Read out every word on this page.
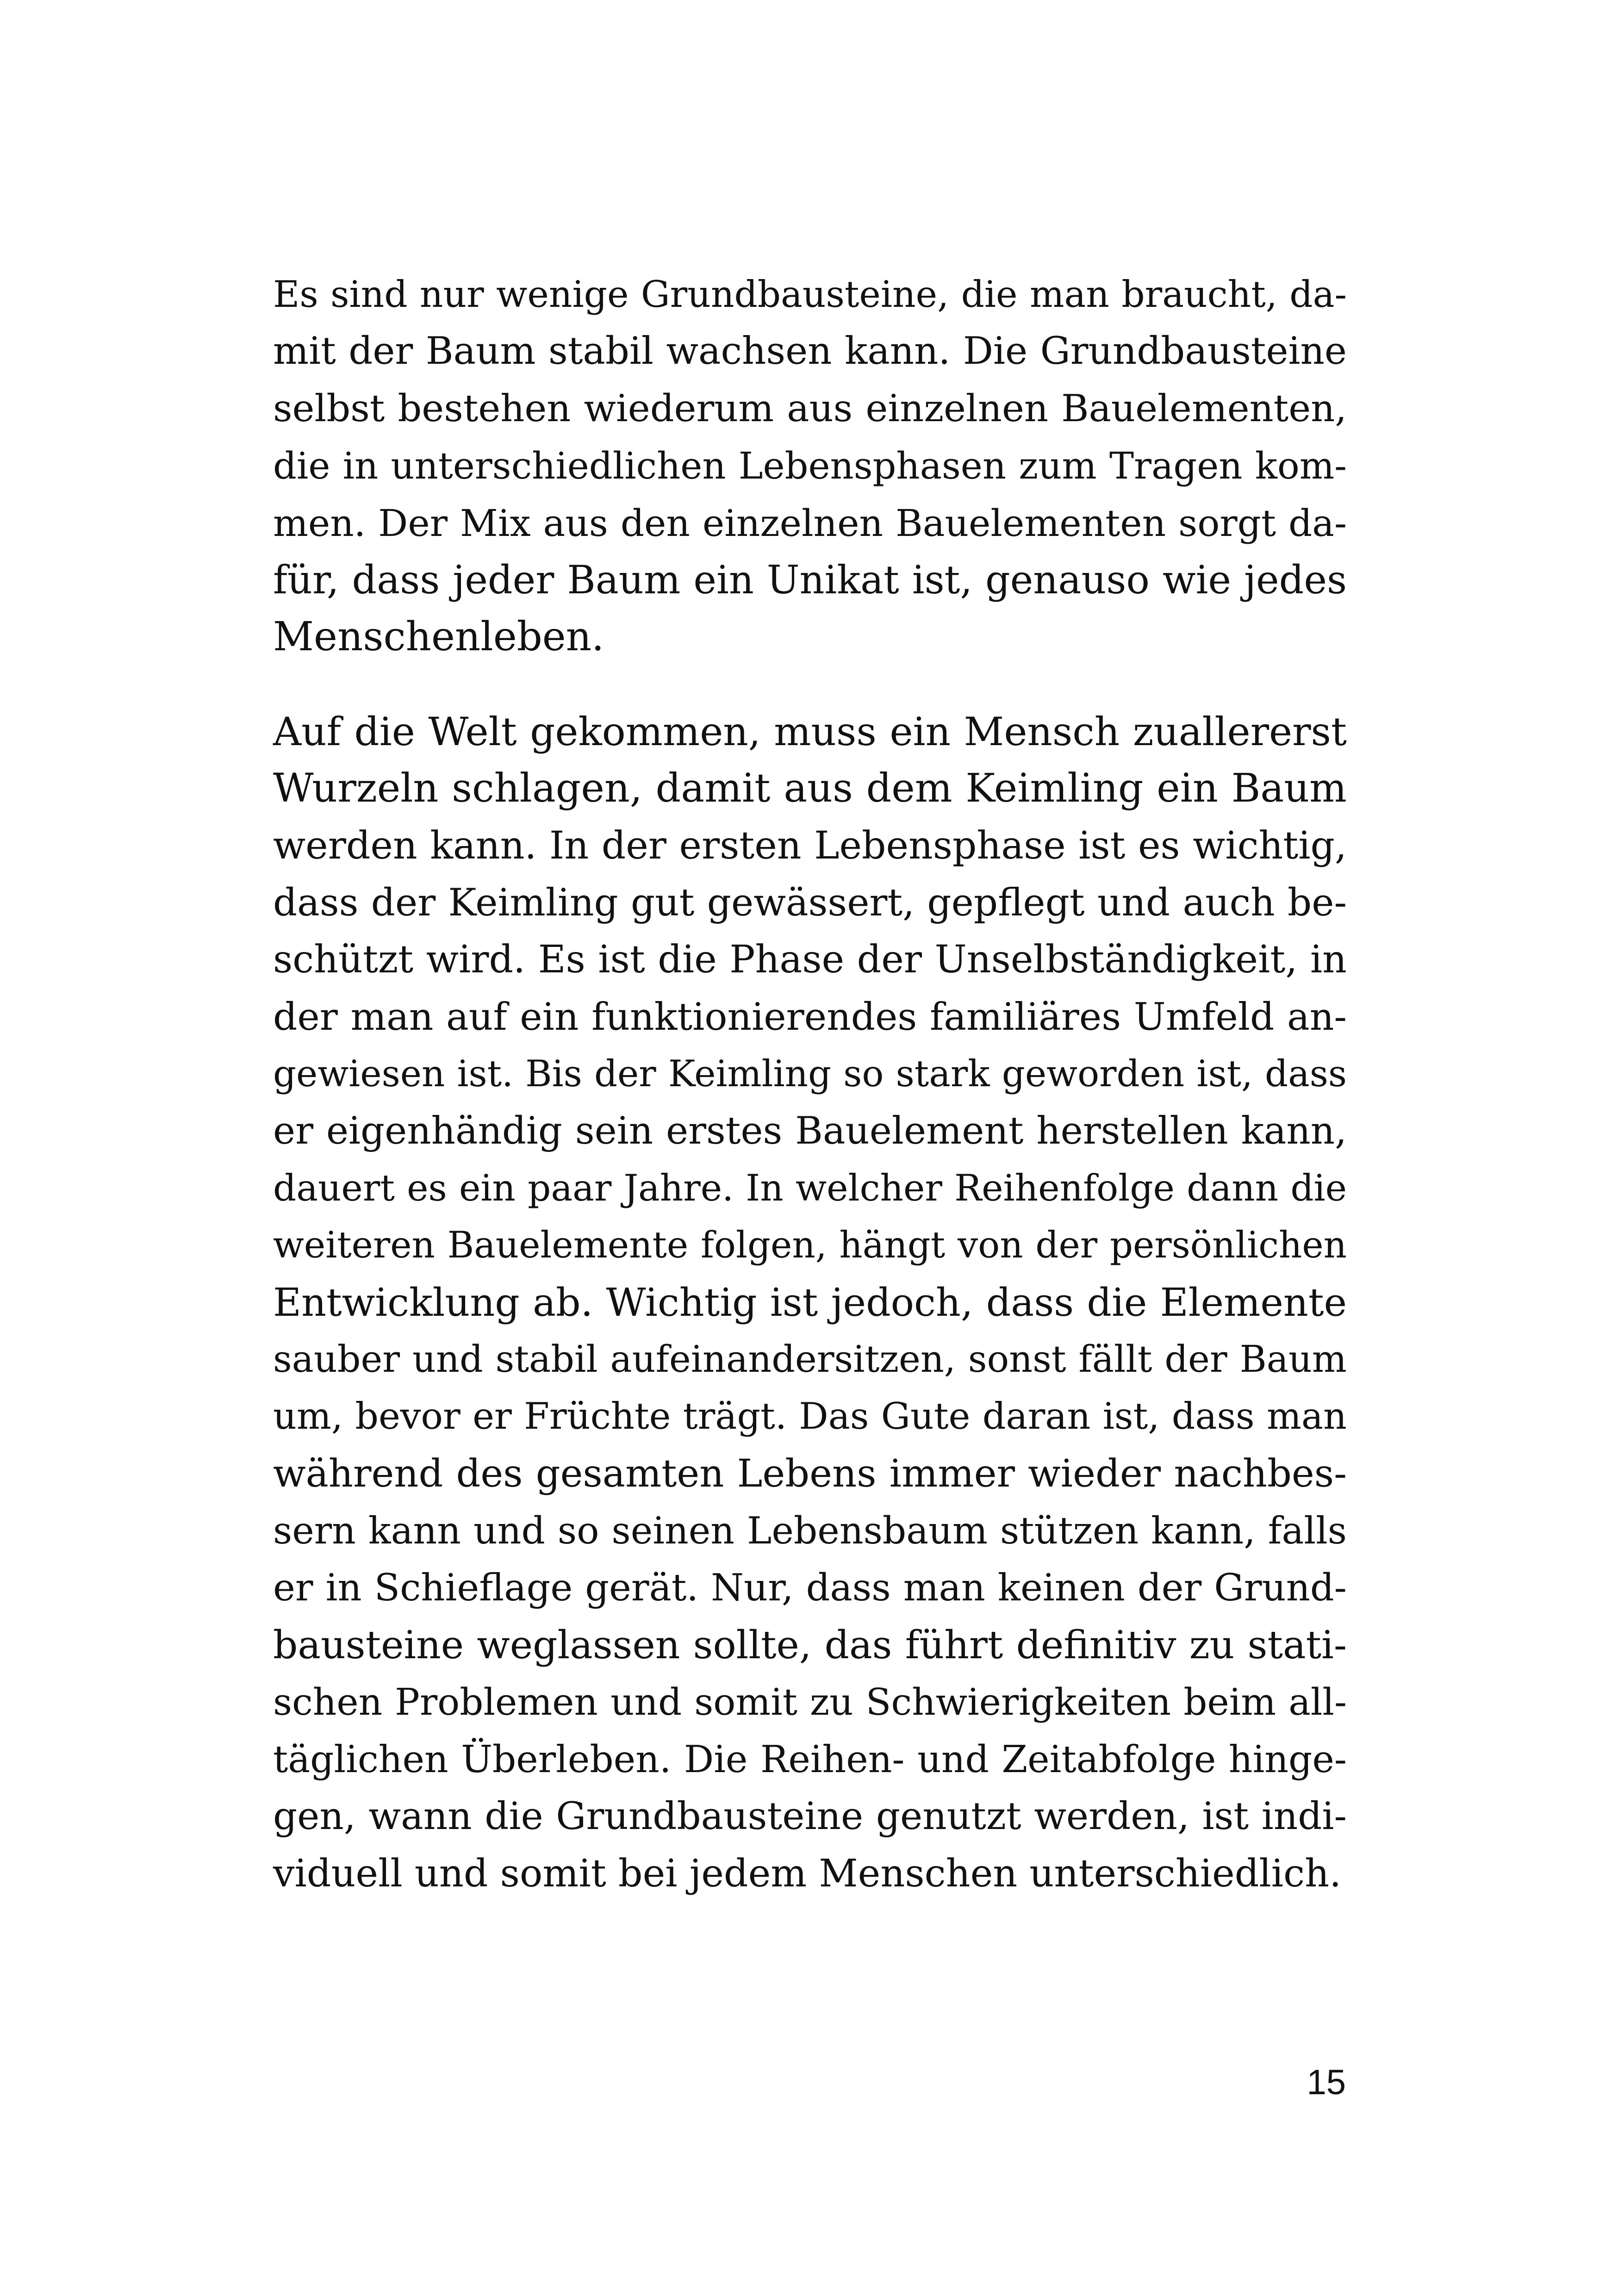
Es sind nur wenige Grundbausteine, die man braucht, da-
mit der Baum stabil wachsen kann. Die Grundbausteine
selbst bestehen wiederum aus einzelnen Bauelementen,
die in unterschiedlichen Lebensphasen zum Tragen kom-
men. Der Mix aus den einzelnen Bauelementen sorgt da-
für, dass jeder Baum ein Unikat ist, genauso wie jedes
Menschenleben.

Auf die Welt gekommen, muss ein Mensch zuallererst
Wurzeln schlagen, damit aus dem Keimling ein Baum
werden kann. In der ersten Lebensphase ist es wichtig,
dass der Keimling gut gewässert, gepflegt und auch be-
schützt wird. Es ist die Phase der Unselbständigkeit, in
der man auf ein funktionierendes familiäres Umfeld an-
gewiesen ist. Bis der Keimling so stark geworden ist, dass
er eigenhändig sein erstes Bauelement herstellen kann,
dauert es ein paar Jahre. In welcher Reihenfolge dann die
weiteren Bauelemente folgen, hängt von der persönlichen
Entwicklung ab. Wichtig ist jedoch, dass die Elemente
sauber und stabil aufeinandersitzen, sonst fällt der Baum
um, bevor er Früchte trägt. Das Gute daran ist, dass man
während des gesamten Lebens immer wieder nachbes-
sern kann und so seinen Lebensbaum stützen kann, falls
er in Schieflage gerät. Nur, dass man keinen der Grund-
bausteine weglassen sollte, das führt definitiv zu stati-
schen Problemen und somit zu Schwierigkeiten beim all-
täglichen Überleben. Die Reihen- und Zeitabfolge hinge-
gen, wann die Grundbausteine genutzt werden, ist indi-
viduell und somit bei jedem Menschen unterschiedlich.

15
